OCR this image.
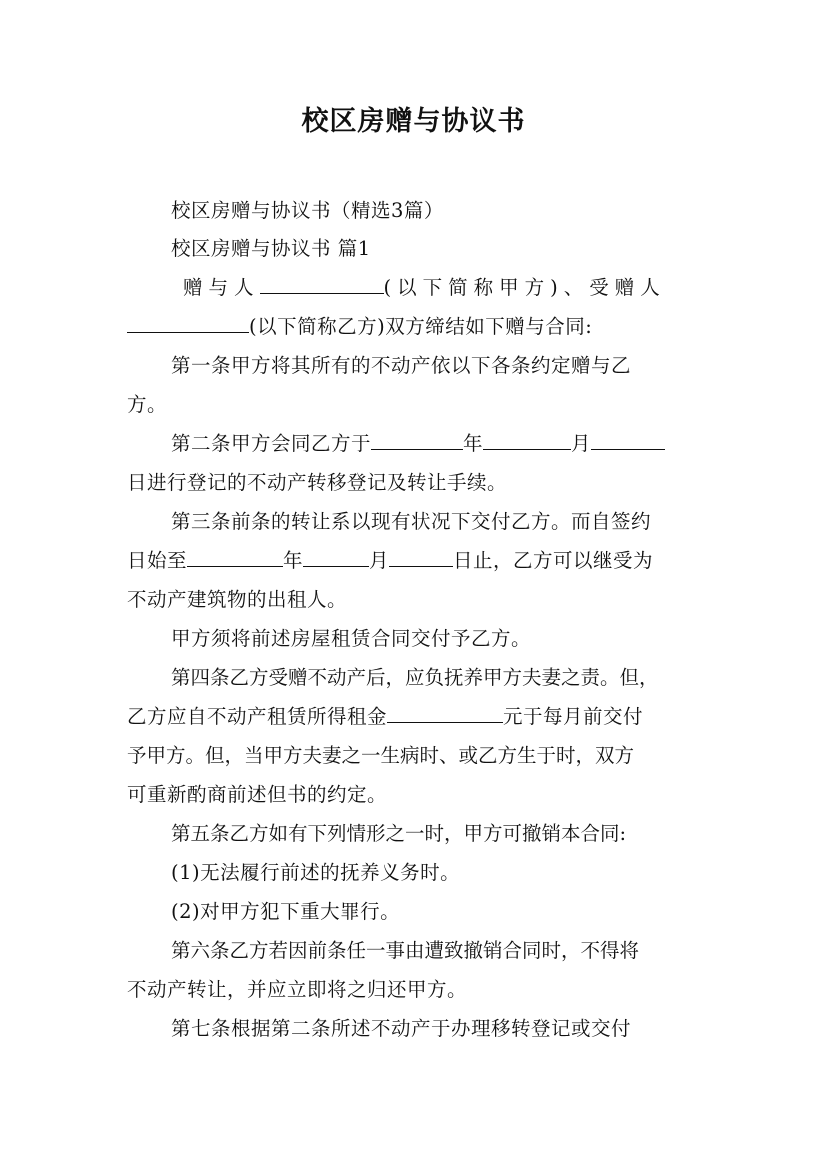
校区房赠与协议书

校区房赠与协议书（精选3篇）

校区房赠与协议书 篇1

赠与人	(以下简称甲方)、受赠人

(以下简称乙方)双方缔结如下赠与合同:

第一条甲方将其所有的不动产依以下各条约定赠与乙

方。

第二条甲方会同乙方于	年	月

日进行登记的不动产转移登记及转让手续。

第三条前条的转让系以现有状况下交付乙方。而自签约

日始至	年	月	日止，乙方可以继受为

不动产建筑物的出租人。

甲方须将前述房屋租赁合同交付予乙方。

第四条乙方受赠不动产后，应负抚养甲方夫妻之责。但，

乙方应自不动产租赁所得租金	元于每月前交付

予甲方。但，当甲方夫妻之一生病时、或乙方生于时，双方

可重新酌商前述但书的约定。

第五条乙方如有下列情形之一时，甲方可撤销本合同:

(1)无法履行前述的抚养义务时。

(2)对甲方犯下重大罪行。

第六条乙方若因前条任一事由遭致撤销合同时，不得将

不动产转让，并应立即将之归还甲方。

第七条根据第二条所述不动产于办理移转登记或交付
